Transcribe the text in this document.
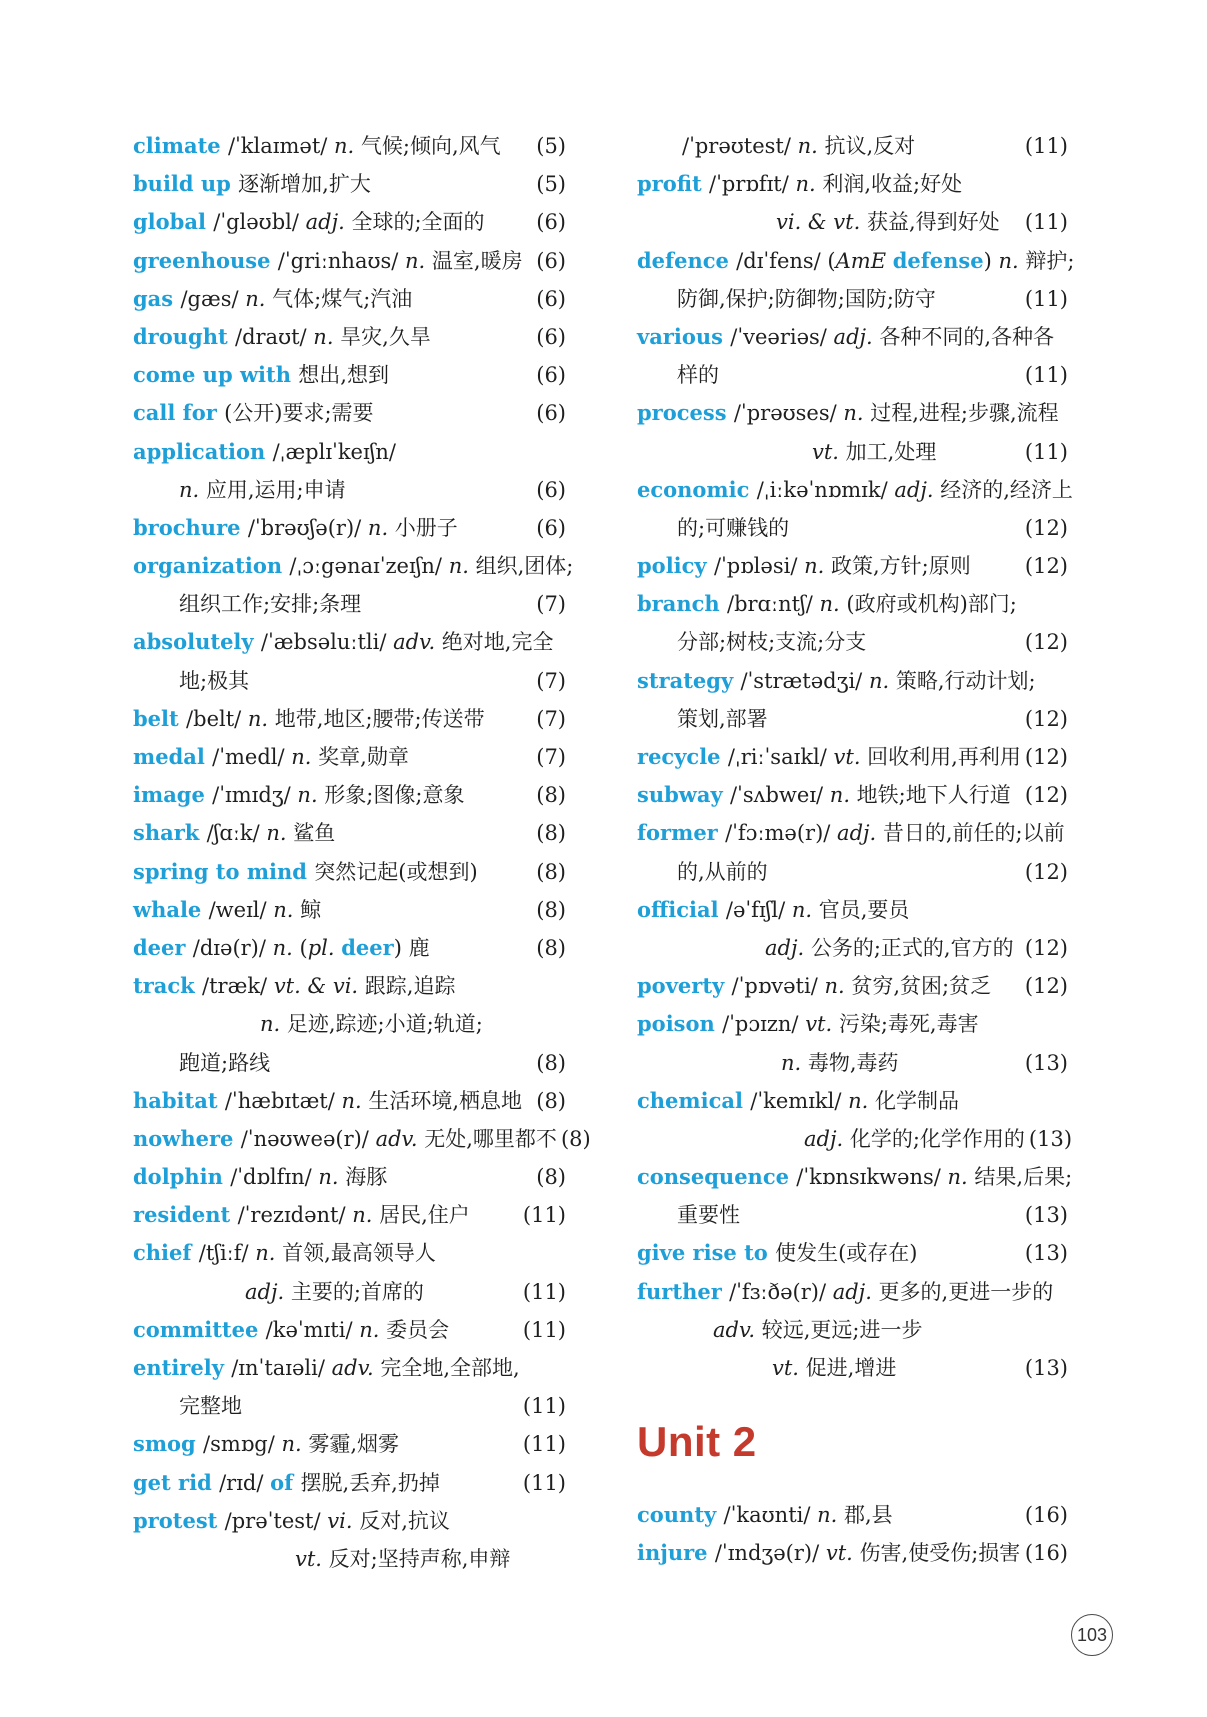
climate /ˈklaɪmət/ n. 气候;倾向,风气 (5)
build up 逐渐增加,扩大	(5)
global /ˈgləʊbl/ adj. 全球的;全面的 (6)
greenhouse /ˈgriːnhaʊs/ n. 温室,暖房 (6)
gas /gæs/ n. 气体;煤气;汽油	(6)
drought /draʊt/ n. 旱灾,久旱	(6)
come up with 想出,想到	(6)
call for (公开)要求;需要	(6)
application /ˌæplɪˈkeɪʃn/
n. 应用,运用;申请	(6)
brochure /ˈbrəʊʃə(r)/ n. 小册子	(6)
organization /ˌɔːgənaɪˈzeɪʃn/ n. 组织,团体;
组织工作;安排;条理	(7)
absolutely /ˈæbsəluːtli/ adv. 绝对地,完全
地;极其	(7)
belt /belt/ n. 地带,地区;腰带;传送带 (7)
medal /ˈmedl/ n. 奖章,勋章	(7)
image /ˈɪmɪdʒ/ n. 形象;图像;意象	(8)
shark /ʃɑːk/ n. 鲨鱼	(8)
spring to mind 突然记起(或想到)	(8)
whale /weɪl/ n. 鲸	(8)
deer /dɪə(r)/ n. (pl. deer) 鹿	(8)
track /træk/ vt. & vi. 跟踪,追踪
n. 足迹,踪迹;小道;轨道;
跑道;路线	(8)
habitat /ˈhæbɪtæt/ n. 生活环境,栖息地 (8)
nowhere /ˈnəʊweə(r)/ adv. 无处,哪里都不 (8)
dolphin /ˈdɒlfɪn/ n. 海豚	(8)
resident /ˈrezɪdənt/ n. 居民,住户	(11)
chief /tʃiːf/ n. 首领,最高领导人
adj. 主要的;首席的	(11)
committee /kəˈmɪti/ n. 委员会	(11)
entirely /ɪnˈtaɪəli/ adv. 完全地,全部地,
完整地	(11)
smog /smɒg/ n. 雾霾,烟雾	(11)
get rid /rɪd/ of 摆脱,丢弃,扔掉	(11)
protest /prəˈtest/ vi. 反对,抗议
vt. 反对;坚持声称,申辩
/ˈprəʊtest/ n. 抗议,反对	(11)
profit /ˈprɒfɪt/ n. 利润,收益;好处
vi. & vt. 获益,得到好处 (11)
defence /dɪˈfens/ (AmE defense) n. 辩护;
防御,保护;防御物;国防;防守	(11)
various /ˈveəriəs/ adj. 各种不同的,各种各
样的	(11)
process /ˈprəʊses/ n. 过程,进程;步骤,流程
vt. 加工,处理	(11)
economic /ˌiːkəˈnɒmɪk/ adj. 经济的,经济上
的;可赚钱的	(12)
policy /ˈpɒləsi/ n. 政策,方针;原则	(12)
branch /brɑːntʃ/ n. (政府或机构)部门;
分部;树枝;支流;分支	(12)
strategy /ˈstrætədʒi/ n. 策略,行动计划;
策划,部署	(12)
recycle /ˌriːˈsaɪkl/ vt. 回收利用,再利用 (12)
subway /ˈsʌbweɪ/ n. 地铁;地下人行道 (12)
former /ˈfɔːmə(r)/ adj. 昔日的,前任的;以前
的,从前的	(12)
official /əˈfɪʃl/ n. 官员,要员
adj. 公务的;正式的,官方的 (12)
poverty /ˈpɒvəti/ n. 贫穷,贫困;贫乏 (12)
poison /ˈpɔɪzn/ vt. 污染;毒死,毒害
n. 毒物,毒药	(13)
chemical /ˈkemɪkl/ n. 化学制品
adj. 化学的;化学作用的 (13)
consequence /ˈkɒnsɪkwəns/ n. 结果,后果;
重要性	(13)
give rise to 使发生(或存在)	(13)
further /ˈfɜːðə(r)/ adj. 更多的,更进一步的
adv. 较远,更远;进一步
vt. 促进,增进	(13)
Unit 2
county /ˈkaʊnti/ n. 郡,县	(16)
injure /ˈɪndʒə(r)/ vt. 伤害,使受伤;损害 (16)
103
